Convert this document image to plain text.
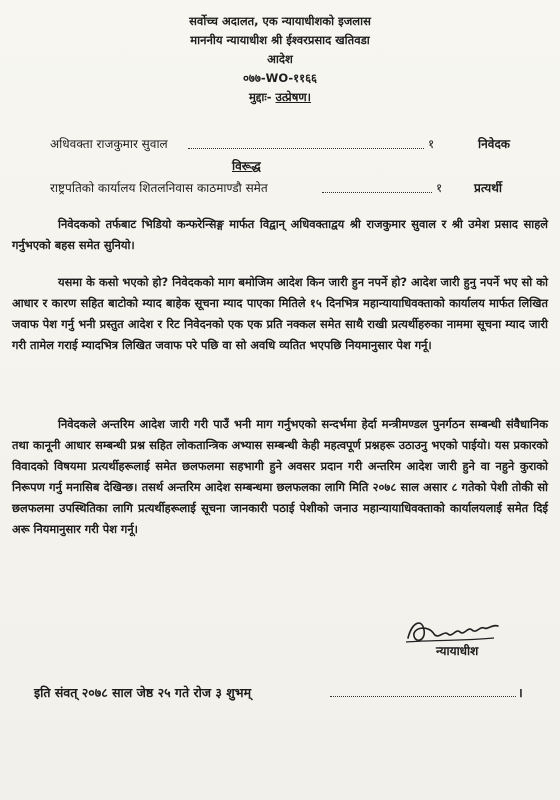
सर्वोच्च अदालत, एक न्यायाधीशको इजलास
माननीय न्यायाधीश श्री ईश्वरप्रसाद खतिवडा
आदेश
०७७-WO-११६६
मुद्दाः- उत्प्रेषण।
अधिवक्ता राजकुमार सुवाल	१	निवेदक
विरूद्ध
राष्ट्रपतिको कार्यालय शितलनिवास काठमाण्डौ समेत	१	प्रत्यर्थी
निवेदकको तर्फबाट भिडियो कन्फरेन्सिङ्ग मार्फत विद्वान् अधिवक्ताद्वय श्री राजकुमार सुवाल र श्री उमेश प्रसाद साहले गर्नुभएको बहस समेत सुनियो।
यसमा के कसो भएको हो? निवेदकको माग बमोजिम आदेश किन जारी हुन नपर्ने हो? आदेश जारी हुनु नपर्ने भए सो को आधार र कारण सहित बाटोको म्याद बाहेक सूचना म्याद पाएका मितिले १५ दिनभित्र महान्यायाधिवक्ताको कार्यालय मार्फत लिखित जवाफ पेश गर्नु भनी प्रस्तुत आदेश र रिट निवेदनको एक एक प्रति नक्कल समेत साथै राखी प्रत्यर्थीहरुका नाममा सूचना म्याद जारी गरी तामेल गराई म्यादभित्र लिखित जवाफ परे पछि वा सो अवधि व्यतित भएपछि नियमानुसार पेश गर्नू।
निवेदकले अन्तरिम आदेश जारी गरी पाउँ भनी माग गर्नुभएको सन्दर्भमा हेर्दा मन्त्रीमण्डल पुनर्गठन सम्बन्धी संवैधानिक तथा कानूनी आधार सम्बन्धी प्रश्न सहित लोकतान्त्रिक अभ्यास सम्बन्धी केही महत्वपूर्ण प्रश्नहरू उठाउनु भएको पाईयो। यस प्रकारको विवादको विषयमा प्रत्यर्थीहरूलाई समेत छलफलमा सहभागी हुने अवसर प्रदान गरी अन्तरिम आदेश जारी हुने वा नहुने कुराको निरूपण गर्नु मनासिब देखिन्छ। तसर्थ अन्तरिम आदेश सम्बन्धमा छलफलका लागि मिति २०७८ साल असार ८ गतेको पेशी तोकी सो छलफलमा उपस्थितिका लागि प्रत्यर्थीहरूलाई सूचना जानकारी पठाई पेशीको जनाउ महान्यायाधिवक्ताको कार्यालयलाई समेत दिई अरू नियमानुसार गरी पेश गर्नू।
न्यायाधीश
इति संवत् २०७८ साल जेष्ठ २५ गते रोज ३ शुभम्	।
